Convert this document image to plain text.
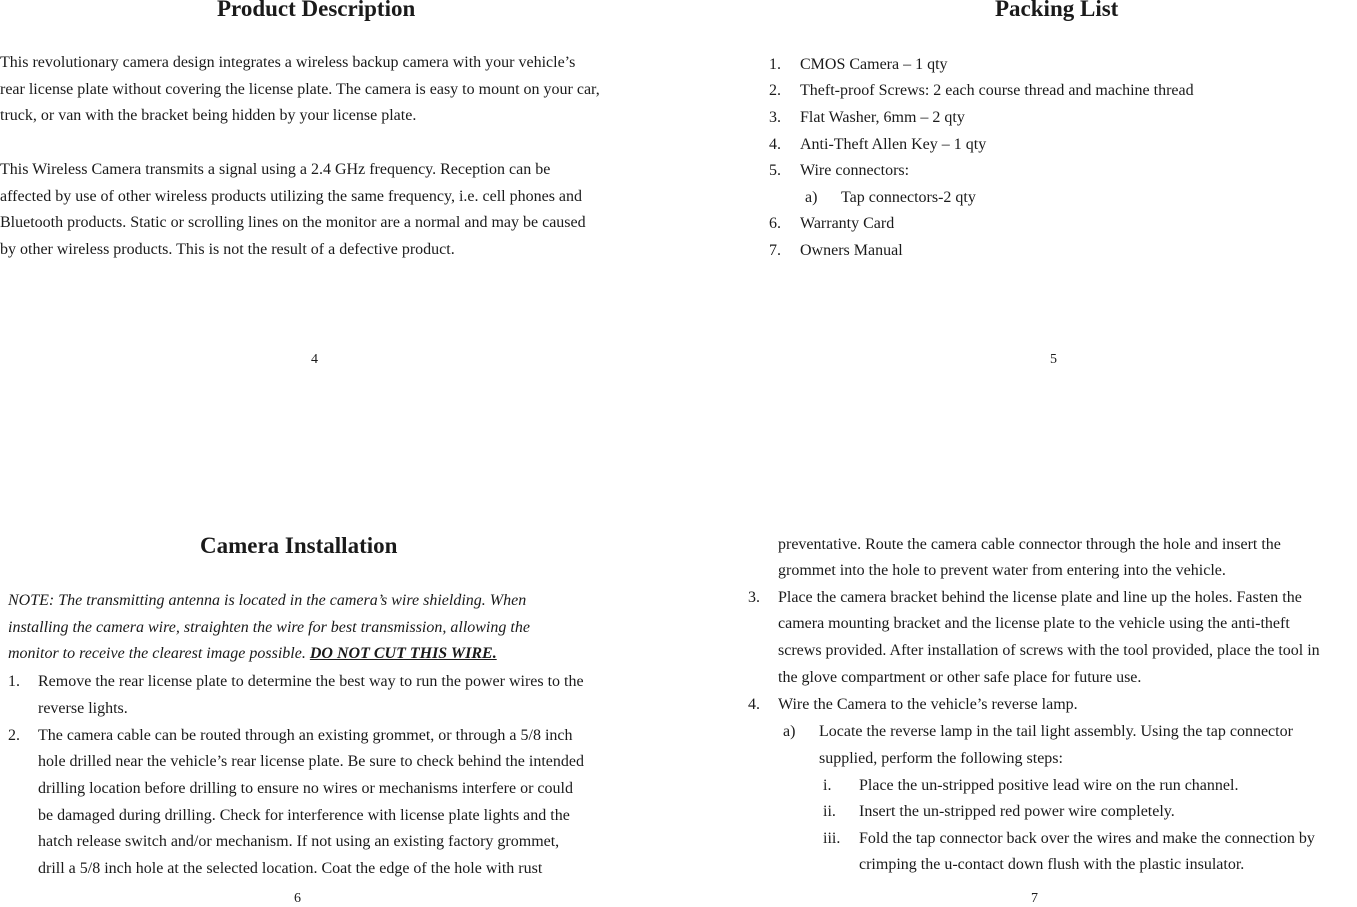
Product Description
This revolutionary camera design integrates a wireless backup camera with your vehicle’s
rear license plate without covering the license plate. The camera is easy to mount on your car,
truck, or van with the bracket being hidden by your license plate.
This Wireless Camera transmits a signal using a 2.4 GHz frequency. Reception can be
affected by use of other wireless products utilizing the same frequency, i.e. cell phones and
Bluetooth products. Static or scrolling lines on the monitor are a normal and may be caused
by other wireless products. This is not the result of a defective product.
4
Packing List
1. CMOS Camera – 1 qty
2. Theft-proof Screws: 2 each course thread and machine thread
3. Flat Washer, 6mm – 2 qty
4. Anti-Theft Allen Key – 1 qty
5. Wire connectors:
a) Tap connectors-2 qty
6. Warranty Card
7. Owners Manual
5
Camera Installation
NOTE: The transmitting antenna is located in the camera’s wire shielding. When
installing the camera wire, straighten the wire for best transmission, allowing the
monitor to receive the clearest image possible. DO NOT CUT THIS WIRE.
1. Remove the rear license plate to determine the best way to run the power wires to the
reverse lights.
2. The camera cable can be routed through an existing grommet, or through a 5/8 inch
hole drilled near the vehicle’s rear license plate. Be sure to check behind the intended
drilling location before drilling to ensure no wires or mechanisms interfere or could
be damaged during drilling. Check for interference with license plate lights and the
hatch release switch and/or mechanism. If not using an existing factory grommet,
drill a 5/8 inch hole at the selected location. Coat the edge of the hole with rust
6
preventative. Route the camera cable connector through the hole and insert the
grommet into the hole to prevent water from entering into the vehicle.
3. Place the camera bracket behind the license plate and line up the holes. Fasten the
camera mounting bracket and the license plate to the vehicle using the anti-theft
screws provided. After installation of screws with the tool provided, place the tool in
the glove compartment or other safe place for future use.
4. Wire the Camera to the vehicle’s reverse lamp.
a) Locate the reverse lamp in the tail light assembly. Using the tap connector
supplied, perform the following steps:
i. Place the un-stripped positive lead wire on the run channel.
ii. Insert the un-stripped red power wire completely.
iii. Fold the tap connector back over the wires and make the connection by
crimping the u-contact down flush with the plastic insulator.
7
